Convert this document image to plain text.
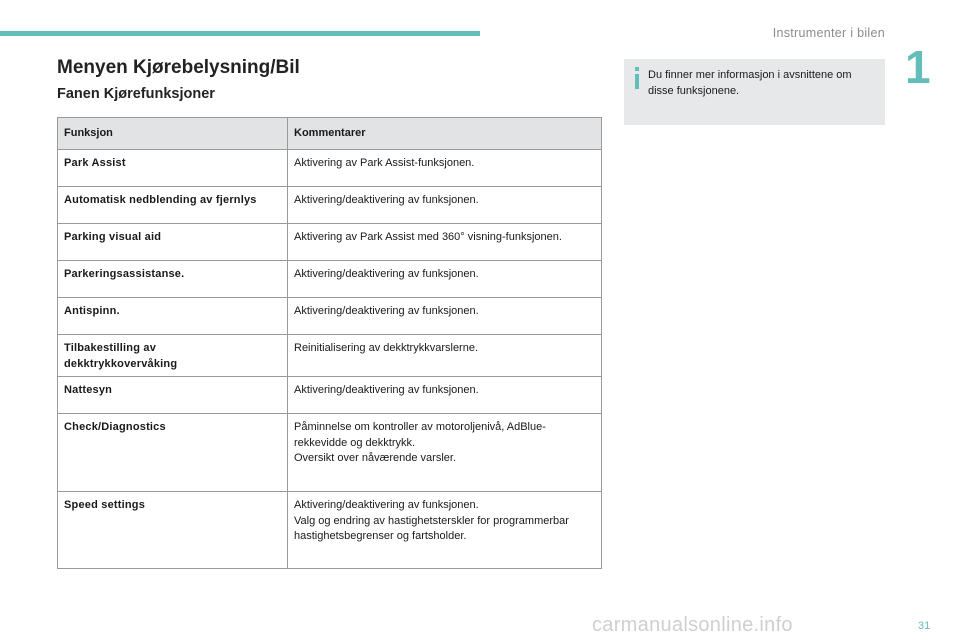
Instrumenter i bilen
1
Menyen Kjørebelysning/Bil
Fanen Kjørefunksjoner
Funksjon	Kommentarer
Park Assist	Aktivering av Park Assist-funksjonen.
Automatisk nedblending av fjernlys	Aktivering/deaktivering av funksjonen.
Parking visual aid	Aktivering av Park Assist med 360° visning-funksjonen.
Parkeringsassistanse.	Aktivering/deaktivering av funksjonen.
Antispinn.	Aktivering/deaktivering av funksjonen.
Tilbakestilling av
dekktrykkovervåking	Reinitialisering av dekktrykkvarslerne.
Nattesyn	Aktivering/deaktivering av funksjonen.
Check/Diagnostics	Påminnelse om kontroller av motoroljenivå, AdBlue-rekkevidde og dekktrykk.
Oversikt over nåværende varsler.
Speed settings	Aktivering/deaktivering av funksjonen.
Valg og endring av hastighetsterskler for programmerbar hastighetsbegrenser og fartsholder.
Du finner mer informasjon i avsnittene om disse funksjonene.
carmanualsonline.info	31
